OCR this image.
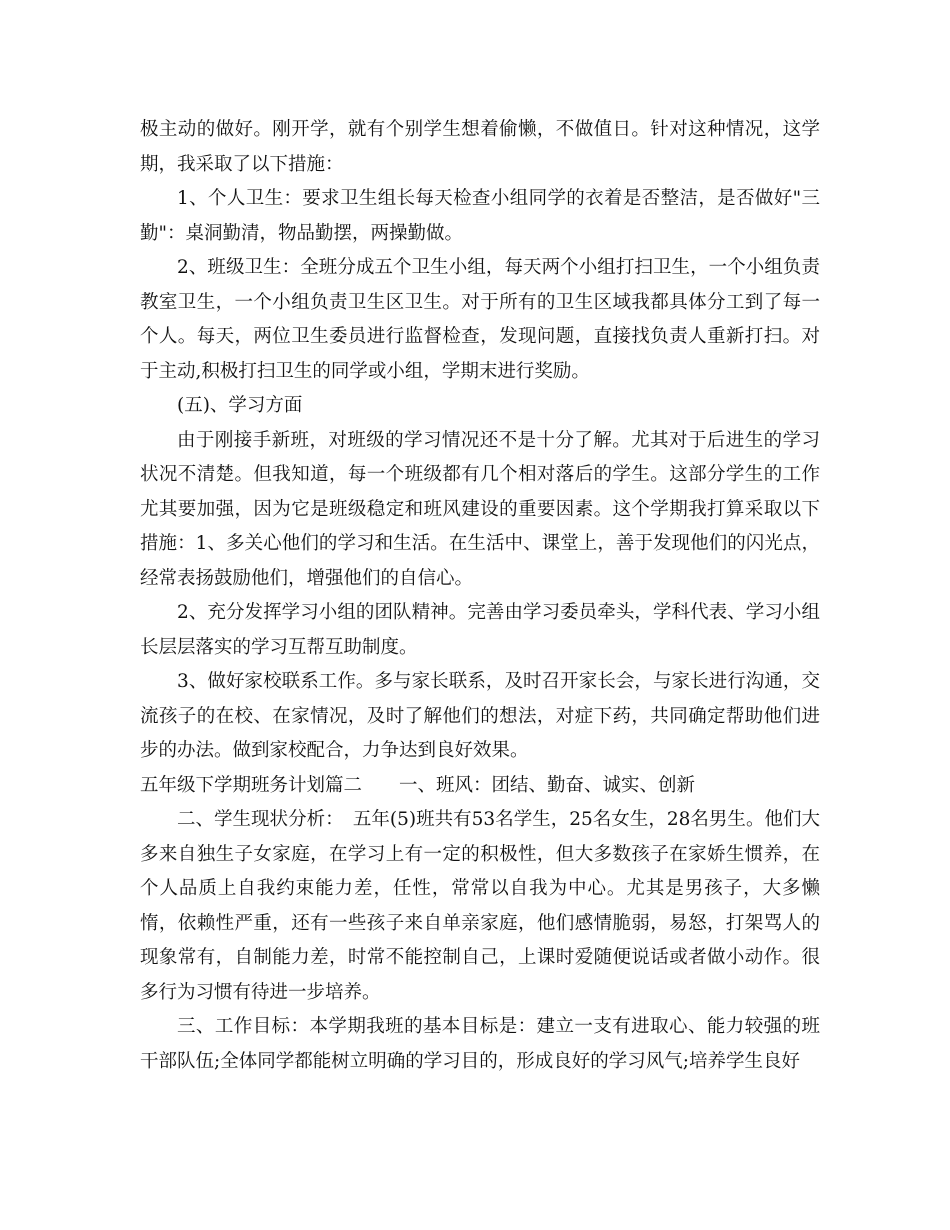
极主动的做好。刚开学，就有个别学生想着偷懒，不做值日。针对这种情况，这学期，我采取了以下措施：

1、个人卫生：要求卫生组长每天检查小组同学的衣着是否整洁，是否做好"三勤"：桌洞勤清，物品勤摆，两操勤做。

2、班级卫生：全班分成五个卫生小组，每天两个小组打扫卫生，一个小组负责教室卫生，一个小组负责卫生区卫生。对于所有的卫生区域我都具体分工到了每一个人。每天，两位卫生委员进行监督检查，发现问题，直接找负责人重新打扫。对于主动,积极打扫卫生的同学或小组，学期末进行奖励。

(五)、学习方面

由于刚接手新班，对班级的学习情况还不是十分了解。尤其对于后进生的学习状况不清楚。但我知道，每一个班级都有几个相对落后的学生。这部分学生的工作尤其要加强，因为它是班级稳定和班风建设的重要因素。这个学期我打算采取以下措施：1、多关心他们的学习和生活。在生活中、课堂上，善于发现他们的闪光点，经常表扬鼓励他们，增强他们的自信心。

2、充分发挥学习小组的团队精神。完善由学习委员牵头，学科代表、学习小组长层层落实的学习互帮互助制度。

3、做好家校联系工作。多与家长联系，及时召开家长会，与家长进行沟通，交流孩子的在校、在家情况，及时了解他们的想法，对症下药，共同确定帮助他们进步的办法。做到家校配合，力争达到良好效果。

五年级下学期班务计划篇二　　一、班风：团结、勤奋、诚实、创新

二、学生现状分析：　五年(5)班共有53名学生，25名女生，28名男生。他们大多来自独生子女家庭，在学习上有一定的积极性，但大多数孩子在家娇生惯养，在个人品质上自我约束能力差，任性，常常以自我为中心。尤其是男孩子，大多懒惰，依赖性严重，还有一些孩子来自单亲家庭，他们感情脆弱，易怒，打架骂人的现象常有，自制能力差，时常不能控制自己，上课时爱随便说话或者做小动作。很多行为习惯有待进一步培养。

三、工作目标：本学期我班的基本目标是：建立一支有进取心、能力较强的班干部队伍;全体同学都能树立明确的学习目的，形成良好的学习风气;培养学生良好
